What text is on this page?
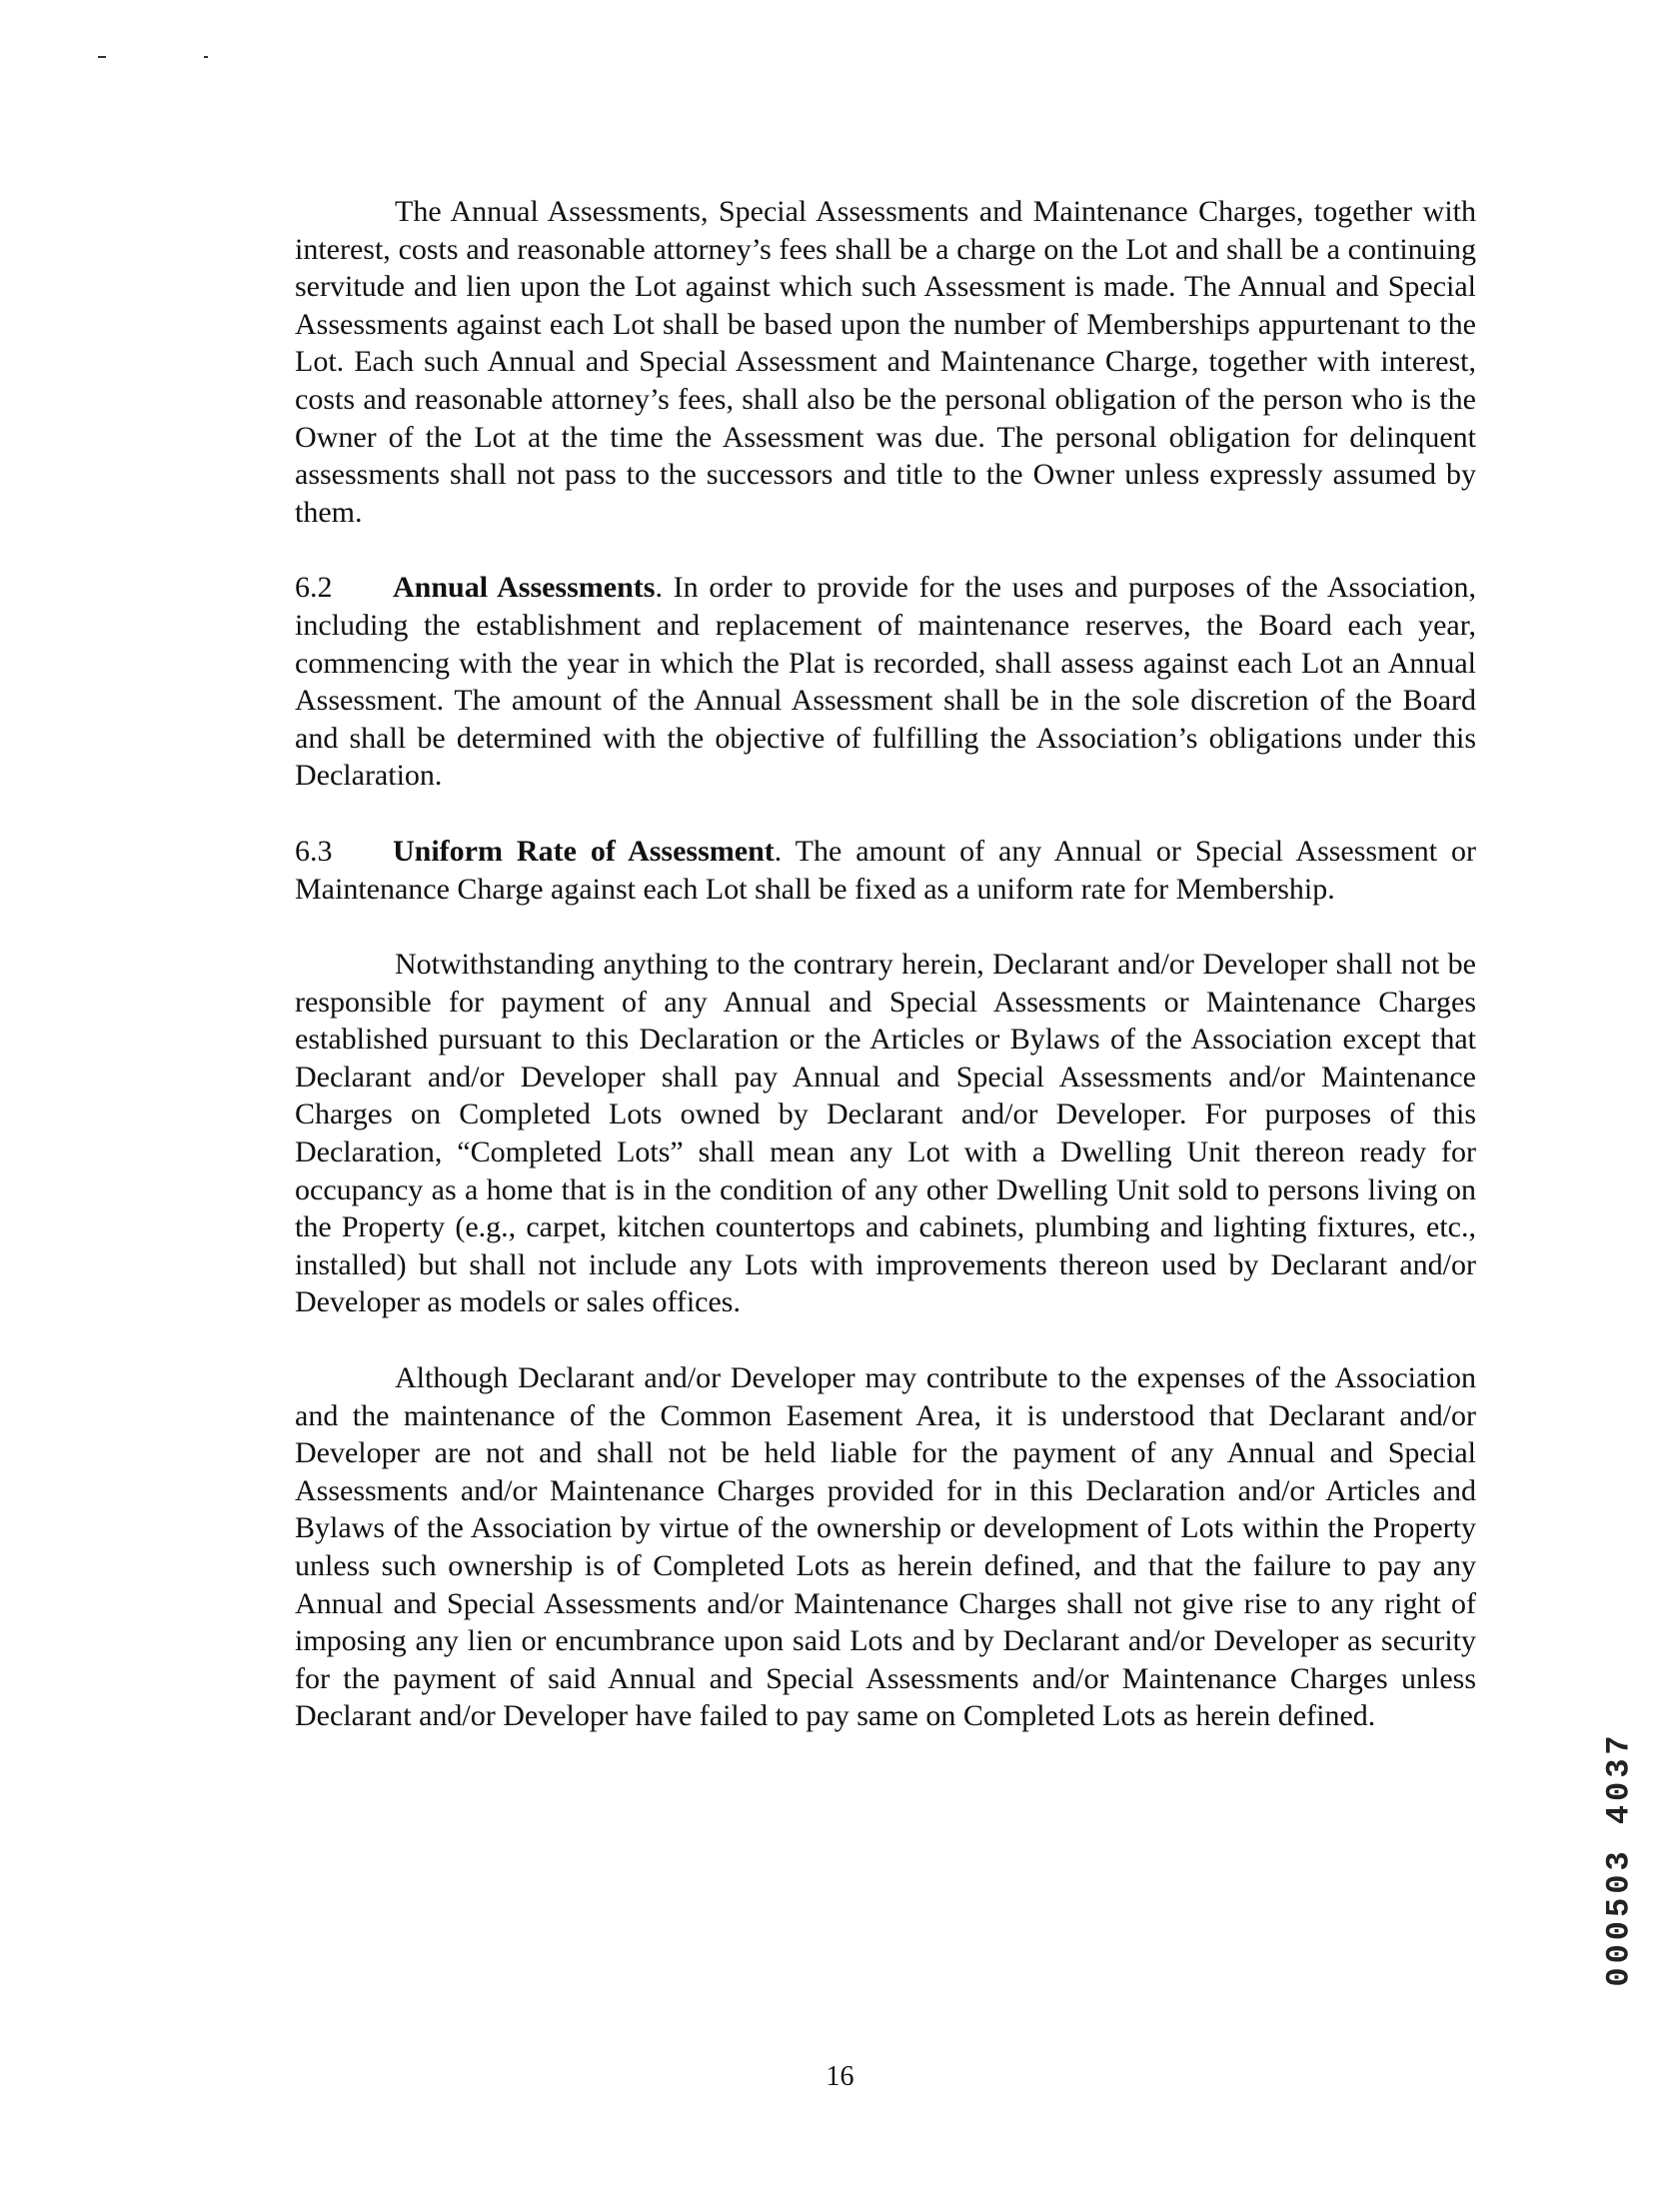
The Annual Assessments, Special Assessments and Maintenance Charges, together with interest, costs and reasonable attorney’s fees shall be a charge on the Lot and shall be a continuing servitude and lien upon the Lot against which such Assessment is made. The Annual and Special Assessments against each Lot shall be based upon the number of Memberships appurtenant to the Lot. Each such Annual and Special Assessment and Maintenance Charge, together with interest, costs and reasonable attorney’s fees, shall also be the personal obligation of the person who is the Owner of the Lot at the time the Assessment was due. The personal obligation for delinquent assessments shall not pass to the successors and title to the Owner unless expressly assumed by them.

6.2 Annual Assessments. In order to provide for the uses and purposes of the Association, including the establishment and replacement of maintenance reserves, the Board each year, commencing with the year in which the Plat is recorded, shall assess against each Lot an Annual Assessment. The amount of the Annual Assessment shall be in the sole discretion of the Board and shall be determined with the objective of fulfilling the Association’s obligations under this Declaration.

6.3 Uniform Rate of Assessment. The amount of any Annual or Special Assessment or Maintenance Charge against each Lot shall be fixed as a uniform rate for Membership.

Notwithstanding anything to the contrary herein, Declarant and/or Developer shall not be responsible for payment of any Annual and Special Assessments or Maintenance Charges established pursuant to this Declaration or the Articles or Bylaws of the Association except that Declarant and/or Developer shall pay Annual and Special Assessments and/or Maintenance Charges on Completed Lots owned by Declarant and/or Developer. For purposes of this Declaration, “Completed Lots” shall mean any Lot with a Dwelling Unit thereon ready for occupancy as a home that is in the condition of any other Dwelling Unit sold to persons living on the Property (e.g., carpet, kitchen countertops and cabinets, plumbing and lighting fixtures, etc., installed) but shall not include any Lots with improvements thereon used by Declarant and/or Developer as models or sales offices.

Although Declarant and/or Developer may contribute to the expenses of the Association and the maintenance of the Common Easement Area, it is understood that Declarant and/or Developer are not and shall not be held liable for the payment of any Annual and Special Assessments and/or Maintenance Charges provided for in this Declaration and/or Articles and Bylaws of the Association by virtue of the ownership or development of Lots within the Property unless such ownership is of Completed Lots as herein defined, and that the failure to pay any Annual and Special Assessments and/or Maintenance Charges shall not give rise to any right of imposing any lien or encumbrance upon said Lots and by Declarant and/or Developer as security for the payment of said Annual and Special Assessments and/or Maintenance Charges unless Declarant and/or Developer have failed to pay same on Completed Lots as herein defined.

000503 4037
16
